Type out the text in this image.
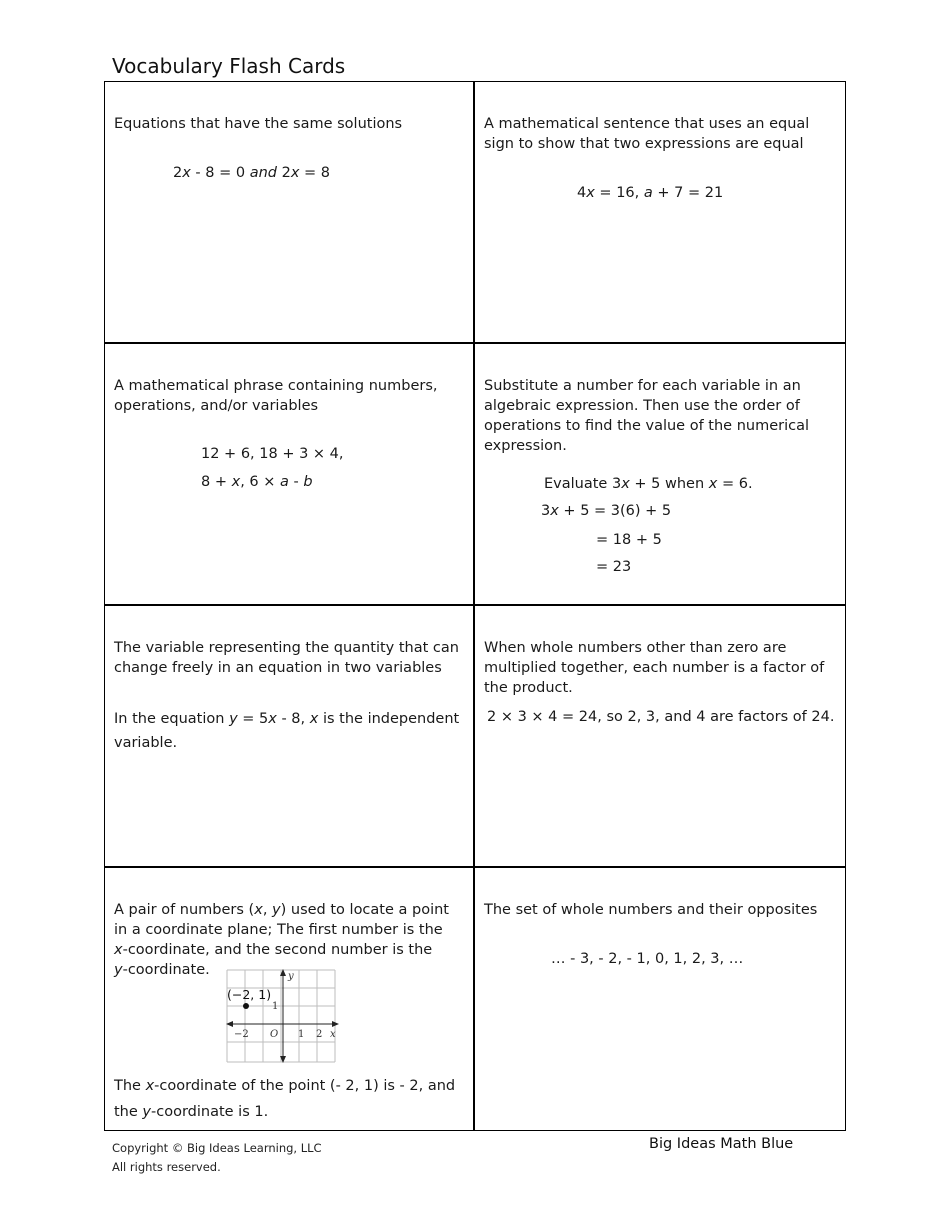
Vocabulary Flash Cards
Equations that have the same solutions
2x - 8 = 0 and 2x = 8
A mathematical sentence that uses an equal sign to show that two expressions are equal
4x = 16, a + 7 = 21
A mathematical phrase containing numbers, operations, and/or variables
12 + 6, 18 + 3 × 4,
8 + x, 6 × a - b
Substitute a number for each variable in an algebraic expression. Then use the order of operations to find the value of the numerical expression.
Evaluate 3x + 5 when x = 6.
3x + 5 = 3(6) + 5
= 18 + 5
= 23
The variable representing the quantity that can change freely in an equation in two variables
In the equation y = 5x - 8, x is the independent
variable.
When whole numbers other than zero are multiplied together, each number is a factor of the product.
2 × 3 × 4 = 24, so 2, 3, and 4 are factors of 24.
A pair of numbers (x, y) used to locate a point
in a coordinate plane; The first number is the
x-coordinate, and the second number is the
y-coordinate.
The x-coordinate of the point (- 2, 1) is - 2, and
the y-coordinate is 1.
The set of whole numbers and their opposites
… - 3, - 2, - 1, 0, 1, 2, 3, …
(−2, 1)
y
x
O
−2	1 2
1
Copyright © Big Ideas Learning, LLC
All rights reserved.
Big Ideas Math Blue
